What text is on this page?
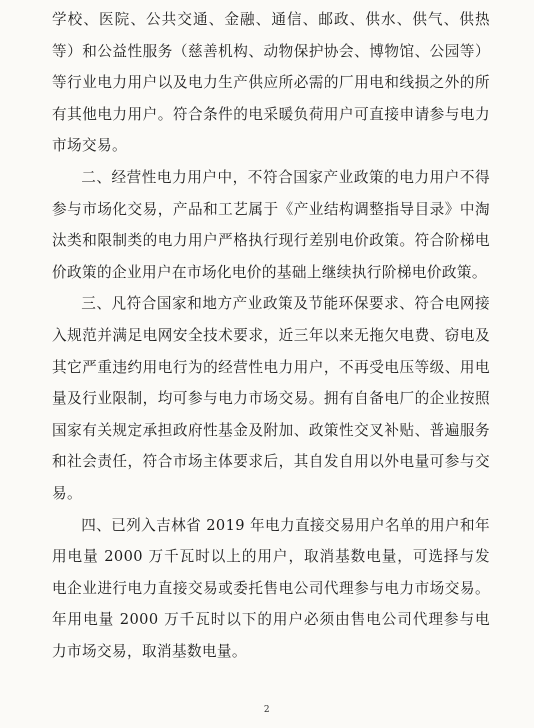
学校、医院、公共交通、金融、通信、邮政、供水、供气、供热等）和公益性服务（慈善机构、动物保护协会、博物馆、公园等）等行业电力用户以及电力生产供应所必需的厂用电和线损之外的所有其他电力用户。符合条件的电采暖负荷用户可直接申请参与电力市场交易。

二、经营性电力用户中，不符合国家产业政策的电力用户不得参与市场化交易，产品和工艺属于《产业结构调整指导目录》中淘汰类和限制类的电力用户严格执行现行差别电价政策。符合阶梯电价政策的企业用户在市场化电价的基础上继续执行阶梯电价政策。

三、凡符合国家和地方产业政策及节能环保要求、符合电网接入规范并满足电网安全技术要求，近三年以来无拖欠电费、窃电及其它严重违约用电行为的经营性电力用户，不再受电压等级、用电量及行业限制，均可参与电力市场交易。拥有自备电厂的企业按照国家有关规定承担政府性基金及附加、政策性交叉补贴、普遍服务和社会责任，符合市场主体要求后，其自发自用以外电量可参与交易。

四、已列入吉林省 2019 年电力直接交易用户名单的用户和年用电量 2000 万千瓦时以上的用户，取消基数电量，可选择与发电企业进行电力直接交易或委托售电公司代理参与电力市场交易。年用电量 2000 万千瓦时以下的用户必须由售电公司代理参与电力市场交易，取消基数电量。

2
